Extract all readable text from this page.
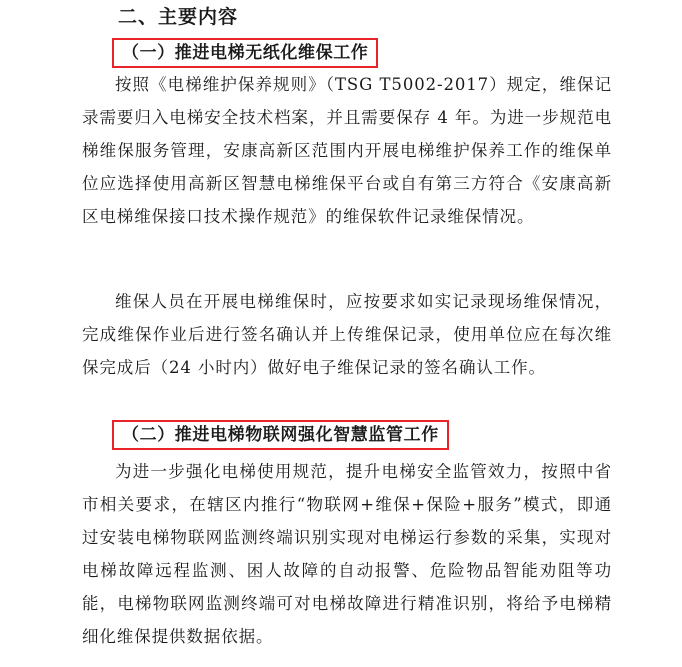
二、主要内容
（一）推进电梯无纸化维保工作

按照《电梯维护保养规则》（TSG T5002-2017）规定，维保记录需要归入电梯安全技术档案，并且需要保存 4 年。为进一步规范电梯维保服务管理，安康高新区范围内开展电梯维护保养工作的维保单位应选择使用高新区智慧电梯维保平台或自有第三方符合《安康高新区电梯维保接口技术操作规范》的维保软件记录维保情况。

维保人员在开展电梯维保时，应按要求如实记录现场维保情况，完成维保作业后进行签名确认并上传维保记录，使用单位应在每次维保完成后（24 小时内）做好电子维保记录的签名确认工作。

（二）推进电梯物联网强化智慧监管工作

为进一步强化电梯使用规范，提升电梯安全监管效力，按照中省市相关要求，在辖区内推行“物联网+维保+保险+服务”模式，即通过安装电梯物联网监测终端识别实现对电梯运行参数的采集，实现对电梯故障远程监测、困人故障的自动报警、危险物品智能劝阻等功能，电梯物联网监测终端可对电梯故障进行精准识别，将给予电梯精细化维保提供数据依据。
